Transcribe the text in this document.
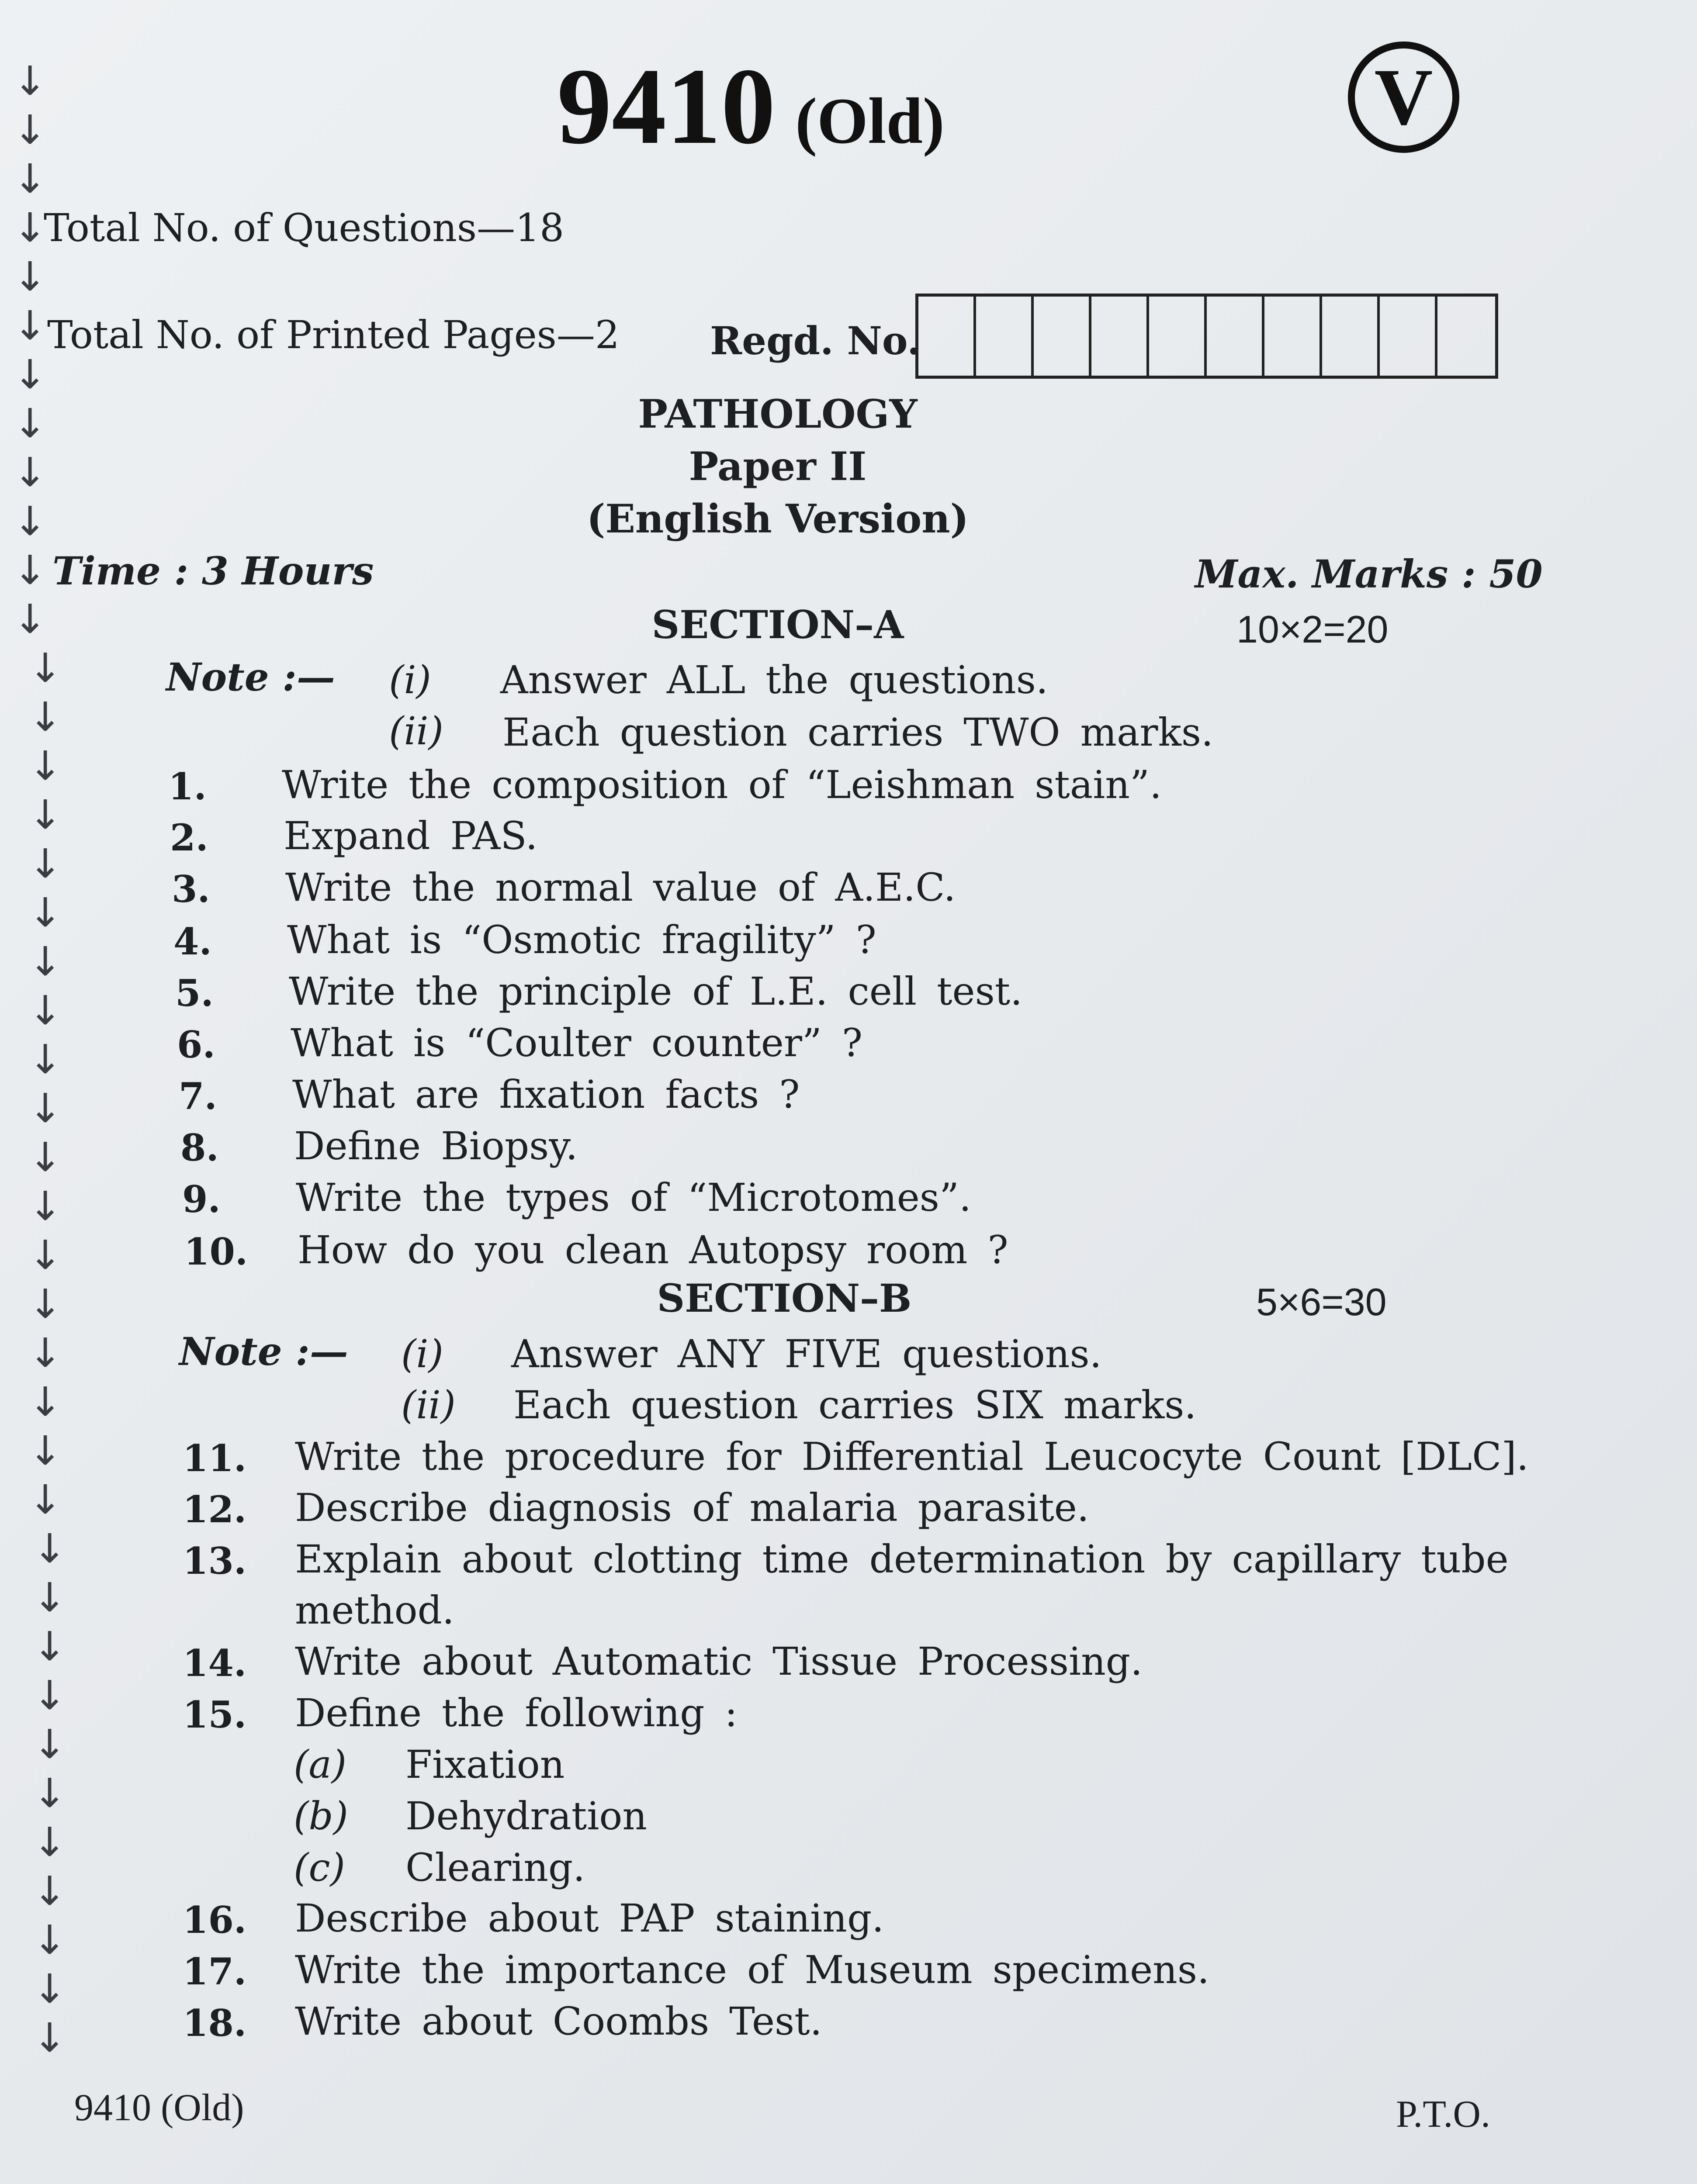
↓
↓
↓
↓
↓
↓
↓
↓
↓
↓
↓
↓
↓
↓
↓
↓
↓
↓
↓
↓
↓
↓
↓
↓
↓
↓
↓
↓
↓
↓
↓
↓
↓
↓
↓
↓
↓
↓
↓
↓
↓
9410 (Old)	V
Total No. of Questions—18
Total No. of Printed Pages—2 Regd. No.
PATHOLOGY
Paper II
(English Version)
Time : 3 Hours	Max. Marks : 50
SECTION–A	10×2=20
Note :— (i) Answer ALL the questions.
(ii) Each question carries TWO marks.
1. Write the composition of “Leishman stain”.
2. Expand PAS.
3. Write the normal value of A.E.C.
4. What is “Osmotic fragility” ?
5. Write the principle of L.E. cell test.
6. What is “Coulter counter” ?
7. What are fixation facts ?
8. Define Biopsy.
9. Write the types of “Microtomes”.
10. How do you clean Autopsy room ?
SECTION–B	5×6=30
Note :— (i) Answer ANY FIVE questions.
(ii) Each question carries SIX marks.
11. Write the procedure for Differential Leucocyte Count [DLC].
12. Describe diagnosis of malaria parasite.
13. Explain about clotting time determination by capillary tube
14. Write about Automatic Tissue Processing.
15. Define the following :
16. Describe about PAP staining.
17. Write the importance of Museum specimens.
18. Write about Coombs Test.
method.
(a) Fixation
(b) Dehydration
(c) Clearing.
9410 (Old)	P.T.O.
